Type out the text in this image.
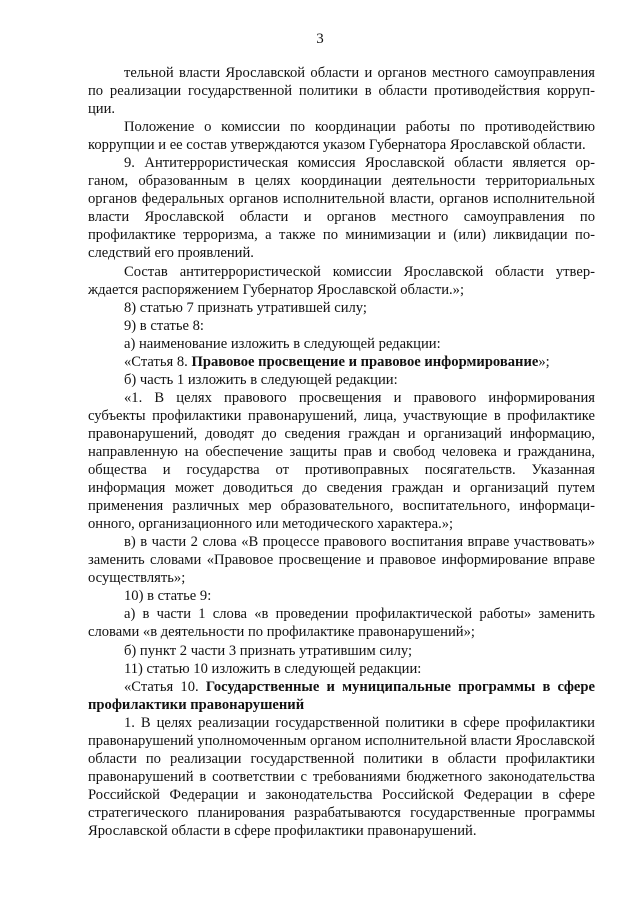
3

тельной власти Ярославской области и органов местного самоуправления по реализации государственной политики в области противодействия коррупции.

Положение о комиссии по координации работы по противодействию коррупции и ее состав утверждаются указом Губернатора Ярославской области.

9. Антитеррористическая комиссия Ярославской области является органом, образованным в целях координации деятельности территориальных органов федеральных органов исполнительной власти, органов исполнительной власти Ярославской области и органов местного самоуправления по профилактике терроризма, а также по минимизации и (или) ликвидации последствий его проявлений.

Состав антитеррористической комиссии Ярославской области утверждается распоряжением Губернатор Ярославской области.»;

8) статью 7 признать утратившей силу;

9) в статье 8:

а) наименование изложить в следующей редакции:

«Статья 8. Правовое просвещение и правовое информирование»;

б) часть 1 изложить в следующей редакции:

«1. В целях правового просвещения и правового информирования субъекты профилактики правонарушений, лица, участвующие в профилактике правонарушений, доводят до сведения граждан и организаций информацию, направленную на обеспечение защиты прав и свобод человека и гражданина, общества и государства от противоправных посягательств. Указанная информация может доводиться до сведения граждан и организаций путем применения различных мер образовательного, воспитательного, информационного, организационного или методического характера.»;

в) в части 2 слова «В процессе правового воспитания вправе участвовать» заменить словами «Правовое просвещение и правовое информирование вправе осуществлять»;

10) в статье 9:

а) в части 1 слова «в проведении профилактической работы» заменить словами «в деятельности по профилактике правонарушений»;

б) пункт 2 части 3 признать утратившим силу;

11) статью 10 изложить в следующей редакции:

«Статья 10. Государственные и муниципальные программы в сфере профилактики правонарушений

1. В целях реализации государственной политики в сфере профилактики правонарушений уполномоченным органом исполнительной власти Ярославской области по реализации государственной политики в области профилактики правонарушений в соответствии с требованиями бюджетного законодательства Российской Федерации и законодательства Российской Федерации в сфере стратегического планирования разрабатываются государственные программы Ярославской области в сфере профилактики правонарушений.
